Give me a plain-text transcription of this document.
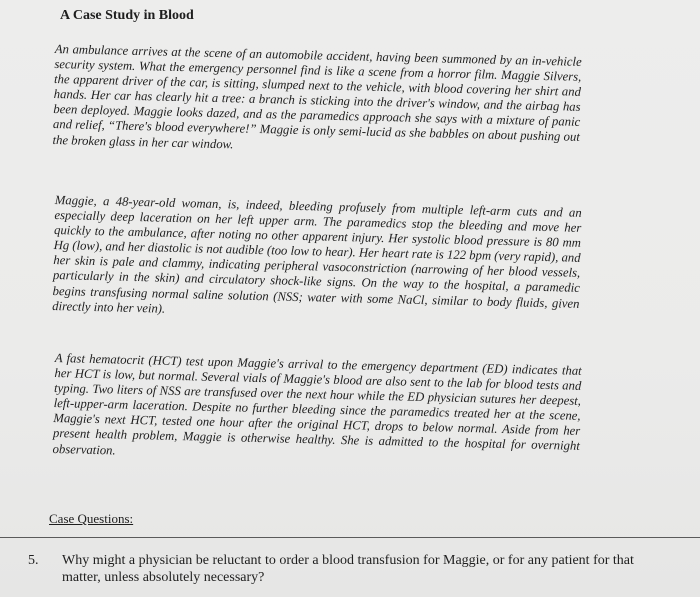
A Case Study in Blood

An ambulance arrives at the scene of an automobile accident, having been summoned by an in-vehicle security system. What the emergency personnel find is like a scene from a horror film. Maggie Silvers, the apparent driver of the car, is sitting, slumped next to the vehicle, with blood covering her shirt and hands. Her car has clearly hit a tree: a branch is sticking into the driver's window, and the airbag has been deployed. Maggie looks dazed, and as the paramedics approach she says with a mixture of panic and relief, “There's blood everywhere!” Maggie is only semi-lucid as she babbles on about pushing out the broken glass in her car window.

Maggie, a 48-year-old woman, is, indeed, bleeding profusely from multiple left-arm cuts and an especially deep laceration on her left upper arm. The paramedics stop the bleeding and move her quickly to the ambulance, after noting no other apparent injury. Her systolic blood pressure is 80 mm Hg (low), and her diastolic is not audible (too low to hear). Her heart rate is 122 bpm (very rapid), and her skin is pale and clammy, indicating peripheral vasoconstriction (narrowing of her blood vessels, particularly in the skin) and circulatory shock-like signs. On the way to the hospital, a paramedic begins transfusing normal saline solution (NSS; water with some NaCl, similar to body fluids, given directly into her vein).

A fast hematocrit (HCT) test upon Maggie's arrival to the emergency department (ED) indicates that her HCT is low, but normal. Several vials of Maggie's blood are also sent to the lab for blood tests and typing. Two liters of NSS are transfused over the next hour while the ED physician sutures her deepest, left-upper-arm laceration. Despite no further bleeding since the paramedics treated her at the scene, Maggie's next HCT, tested one hour after the original HCT, drops to below normal. Aside from her present health problem, Maggie is otherwise healthy. She is admitted to the hospital for overnight observation.

Case Questions:

5.	Why might a physician be reluctant to order a blood transfusion for Maggie, or for any patient for that matter, unless absolutely necessary?
